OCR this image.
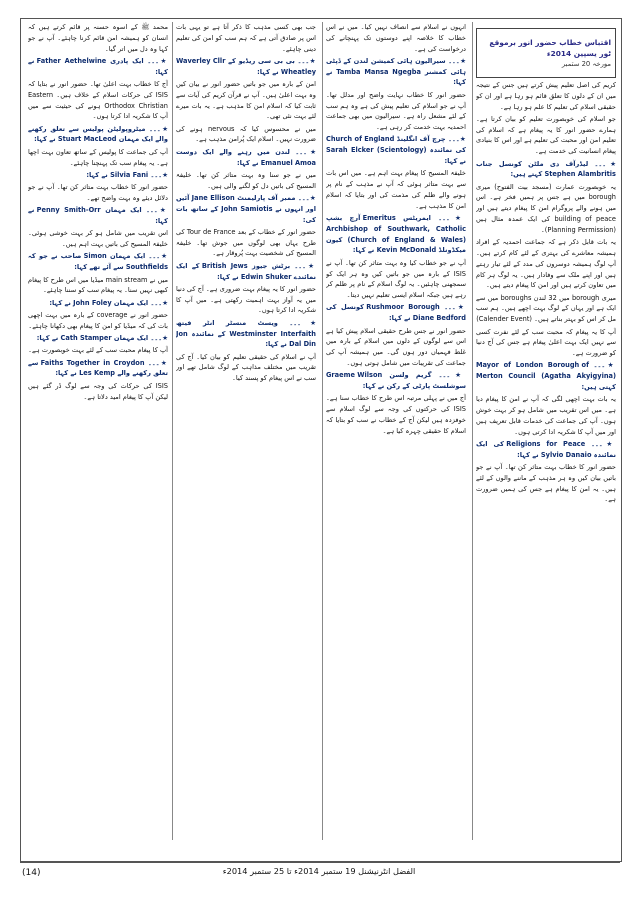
کریم کی اصل تعلیم پیش کرتے ہیں جس کے نتیجہ میں ان کے دلوں کا تعلق قائم ہو رہا ہے اور ان کو حقیقی اسلام کی تعلیم کا علم ہو رہا ہے۔

جو اسلام کی خوبصورت تعلیم کو بیان کرتا ہے۔ ہمارے حضور انور کا یہ پیغام ہے کہ اسلام کی تعلیم امن اور محبت کی تعلیم ہے اور اس کا بنیادی پیغام انسانیت کی خدمت ہے۔

★۔۔۔ لیڈرآف دی ملٹن کونسل جناب Stephen Alambritis کہتے ہیں:

یہ خوبصورت عمارت (مسجد بیت الفتوح) میری borough میں ہے جس پر ہمیں فخر ہے۔ اس میں ہونے والے پروگرام امن کا پیغام دیتے ہیں اور building of peace کی ایک عمدہ مثال ہیں (Planning Permission)۔

یہ بات قابل ذکر ہے کہ جماعت احمدیہ کے افراد ہمیشہ معاشرے کی بہتری کے لئے کام کرتے ہیں۔ آپ لوگ ہمیشہ دوسروں کی مدد کے لئے تیار رہتے ہیں اور اپنے ملک سے وفادار ہیں۔ یہ لوگ ہر کام میں تعاون کرتے ہیں اور امن کا پیغام دیتے ہیں۔

میری borough میں 32 لندن boroughs میں سے ایک ہے اور یہاں کے لوگ بہت اچھے ہیں۔ ہم سب مل کر اس کو بہتر بناتے ہیں۔ (Calender Event)

آپ کا یہ پیغام کہ محبت سب کے لئے نفرت کسی سے نہیں ایک بہت اعلیٰ پیغام ہے جس کی آج دنیا کو ضرورت ہے۔

★۔۔۔ Mayor of London Borough of Merton Council (Agatha Akyigyina) کہتی ہیں:

یہ بات بہت اچھی لگی کہ آپ نے امن کا پیغام دیا ہے۔ میں اس تقریب میں شامل ہو کر بہت خوش ہوں۔ آپ کی جماعت کی خدمات قابل تعریف ہیں اور میں آپ کا شکریہ ادا کرتی ہوں۔

★۔۔۔ Religions for Peace کی ایک نمائندہ Sylvio Danaio نے کہا:

حضور انور کا خطاب بہت متاثر کن تھا۔ آپ نے جو باتیں بیان کیں وہ ہر مذہب کے ماننے والوں کے لئے ہیں۔ یہ امن کا پیغام ہے جس کی ہمیں ضرورت ہے۔

اقتباس خطاب حضور انور برموقع ٹور یسپین 2014ء
مورخہ 20 ستمبر

انہوں نے اسلام سے انصاف نہیں کیا۔ میں نے اس خطاب کا خلاصہ اپنے دوستوں تک پہنچانے کی درخواست کی ہے۔

★۔۔۔ سیرالیون ہائی کمیشن لندن کے ڈپٹی ہائی کمشنر Tamba Mansa Ngegba نے کہا:

حضور انور کا خطاب نہایت واضح اور مدلل تھا۔ آپ نے جو اسلام کی تعلیم پیش کی ہے وہ ہم سب کے لئے مشعل راہ ہے۔ سیرالیون میں بھی جماعت احمدیہ بہت خدمت کر رہی ہے۔

★۔۔۔ چرچ آف انگلینڈ Church of England کی نمائندہ Sarah Elcker (Scientology) نے کہا:

خلیفۃ المسیح کا پیغام بہت اہم ہے۔ میں اس بات سے بہت متاثر ہوئی کہ آپ نے مذہب کے نام پر ہونے والے ظلم کی مذمت کی اور بتایا کہ اسلام امن کا مذہب ہے۔

★۔۔۔ ایمریٹس Emeritus آرچ بشپ Archbishop of Southwark, Catholic (Church of England & Wales) کیون میکڈونلڈ Kevin McDonald نے کہا:

آپ نے جو خطاب کیا وہ بہت متاثر کن تھا۔ آپ نے ISIS کے بارہ میں جو باتیں کیں وہ ہر ایک کو سمجھنی چاہئیں۔ یہ لوگ اسلام کے نام پر ظلم کر رہے ہیں جبکہ اسلام ایسی تعلیم نہیں دیتا۔

★۔۔۔ Rushmoor Borough کونسل کی Diane Bedford نے کہا:

حضور انور نے جس طرح حقیقی اسلام پیش کیا ہے اس سے لوگوں کے دلوں میں اسلام کے بارہ میں غلط فہمیاں دور ہوں گی۔ میں ہمیشہ آپ کی جماعت کی تقریبات میں شامل ہوتی ہوں۔

★۔۔۔ گریم ولسن Graeme Wilson سوشلسٹ پارٹی کے رکن نے کہا:

آج میں نے پہلی مرتبہ اس طرح کا خطاب سنا ہے۔ ISIS کی حرکتوں کی وجہ سے لوگ اسلام سے خوفزدہ ہیں لیکن آج کے خطاب نے سب کو بتایا کہ اسلام کا حقیقی چہرہ کیا ہے۔

جب بھی کسی مذہب کا ذکر آتا ہے تو یہی بات اس پر صادق آتی ہے کہ ہم سب کو امن کی تعلیم دینی چاہئے۔

★۔۔۔ بی بی سی ریڈیو کے Waverley Cllr Wheatley نے کہا:

امن کے بارہ میں جو باتیں حضور انور نے بیان کیں وہ بہت اعلیٰ ہیں۔ آپ نے قرآن کریم کی آیات سے ثابت کیا کہ اسلام امن کا مذہب ہے۔ یہ بات میرے لئے بہت نئی تھی۔

میں نے محسوس کیا کہ nervous ہونے کی ضرورت نہیں۔ اسلام ایک پُرامن مذہب ہے۔

★۔۔۔ لندن میں رہنے والے ایک دوست Emanuel Amoa نے کہا:

میں نے جو سنا وہ بہت متاثر کن تھا۔ خلیفۃ المسیح کی باتیں دل کو لگنے والی ہیں۔

★۔۔۔ ممبر آف پارلیمنٹ Jane Ellison آئیں اور انہوں نے John Samiotis کے ساتھ بات کی:

حضور انور کے خطاب کے بعد Tour de France کی طرح یہاں بھی لوگوں میں جوش تھا۔ خلیفۃ المسیح کی شخصیت بہت پُروقار ہے۔

★۔۔۔ برٹش جیوز British Jews کے ایک نمائندے Edwin Shuker نے کہا:

حضور انور کا یہ پیغام بہت ضروری ہے۔ آج کی دنیا میں یہ آواز بہت اہمیت رکھتی ہے۔ میں آپ کا شکریہ ادا کرتا ہوں۔

★۔۔۔ ویسٹ منسٹر انٹر فیتھ Westminster Interfaith کے نمائندہ Jon Dal Din نے کہا:

آپ نے اسلام کی حقیقی تعلیم کو بیان کیا۔ آج کی تقریب میں مختلف مذاہب کے لوگ شامل تھے اور سب نے اس پیغام کو پسند کیا۔

محمد ﷺ کے اسوہ حسنہ پر قائم کرتے ہیں کہ انسان کو ہمیشہ امن قائم کرنا چاہئے۔ آپ نے جو کہا وہ دل میں اتر گیا۔

★۔۔۔ ایک پادری Father Aethelwine نے کہا:

آج کا خطاب بہت اعلیٰ تھا۔ حضور انور نے بتایا کہ ISIS کی حرکات اسلام کے خلاف ہیں۔ Eastern Orthodox Christian ہونے کی حیثیت سے میں آپ کا شکریہ ادا کرتا ہوں۔

★۔۔۔ میٹروپولیٹن پولیس سے تعلق رکھنے والے ایک مہمان Stuart MacLeod نے کہا:

آپ کی جماعت کا پولیس کے ساتھ تعاون بہت اچھا ہے۔ یہ پیغام سب تک پہنچنا چاہئے۔

★۔۔۔ Silvia Fani نے کہا:

حضور انور کا خطاب بہت متاثر کن تھا۔ آپ نے جو دلائل دیئے وہ بہت واضح تھے۔

★۔۔۔ ایک مہمان Penny Smith-Orr نے کہا:

اس تقریب میں شامل ہو کر بہت خوشی ہوئی۔ خلیفۃ المسیح کی باتیں بہت اہم ہیں۔

★۔۔۔ ایک مہمان Simon صاحب نے جو کہ Southfields سے آئے تھے کہا:

میں نے main stream میڈیا میں اس طرح کا پیغام کبھی نہیں سنا۔ یہ پیغام سب کو سننا چاہئے۔

★۔۔۔ ایک مہمان John Foley نے کہا:

حضور انور نے coverage کے بارہ میں بہت اچھی بات کی کہ میڈیا کو امن کا پیغام بھی دکھانا چاہئے۔

★۔۔۔ ایک مہمان Cath Stamper نے کہا:

آپ کا پیغام محبت سب کے لئے بہت خوبصورت ہے۔

★۔۔۔ Faiths Together in Croydon سے تعلق رکھنے والے Les Kemp نے کہا:

ISIS کی حرکات کی وجہ سے لوگ ڈر گئے ہیں لیکن آپ کا پیغام امید دلاتا ہے۔

الفضل انٹرنیشنل 19 ستمبر 2014ء تا 25 ستمبر 2014ء
(14)
